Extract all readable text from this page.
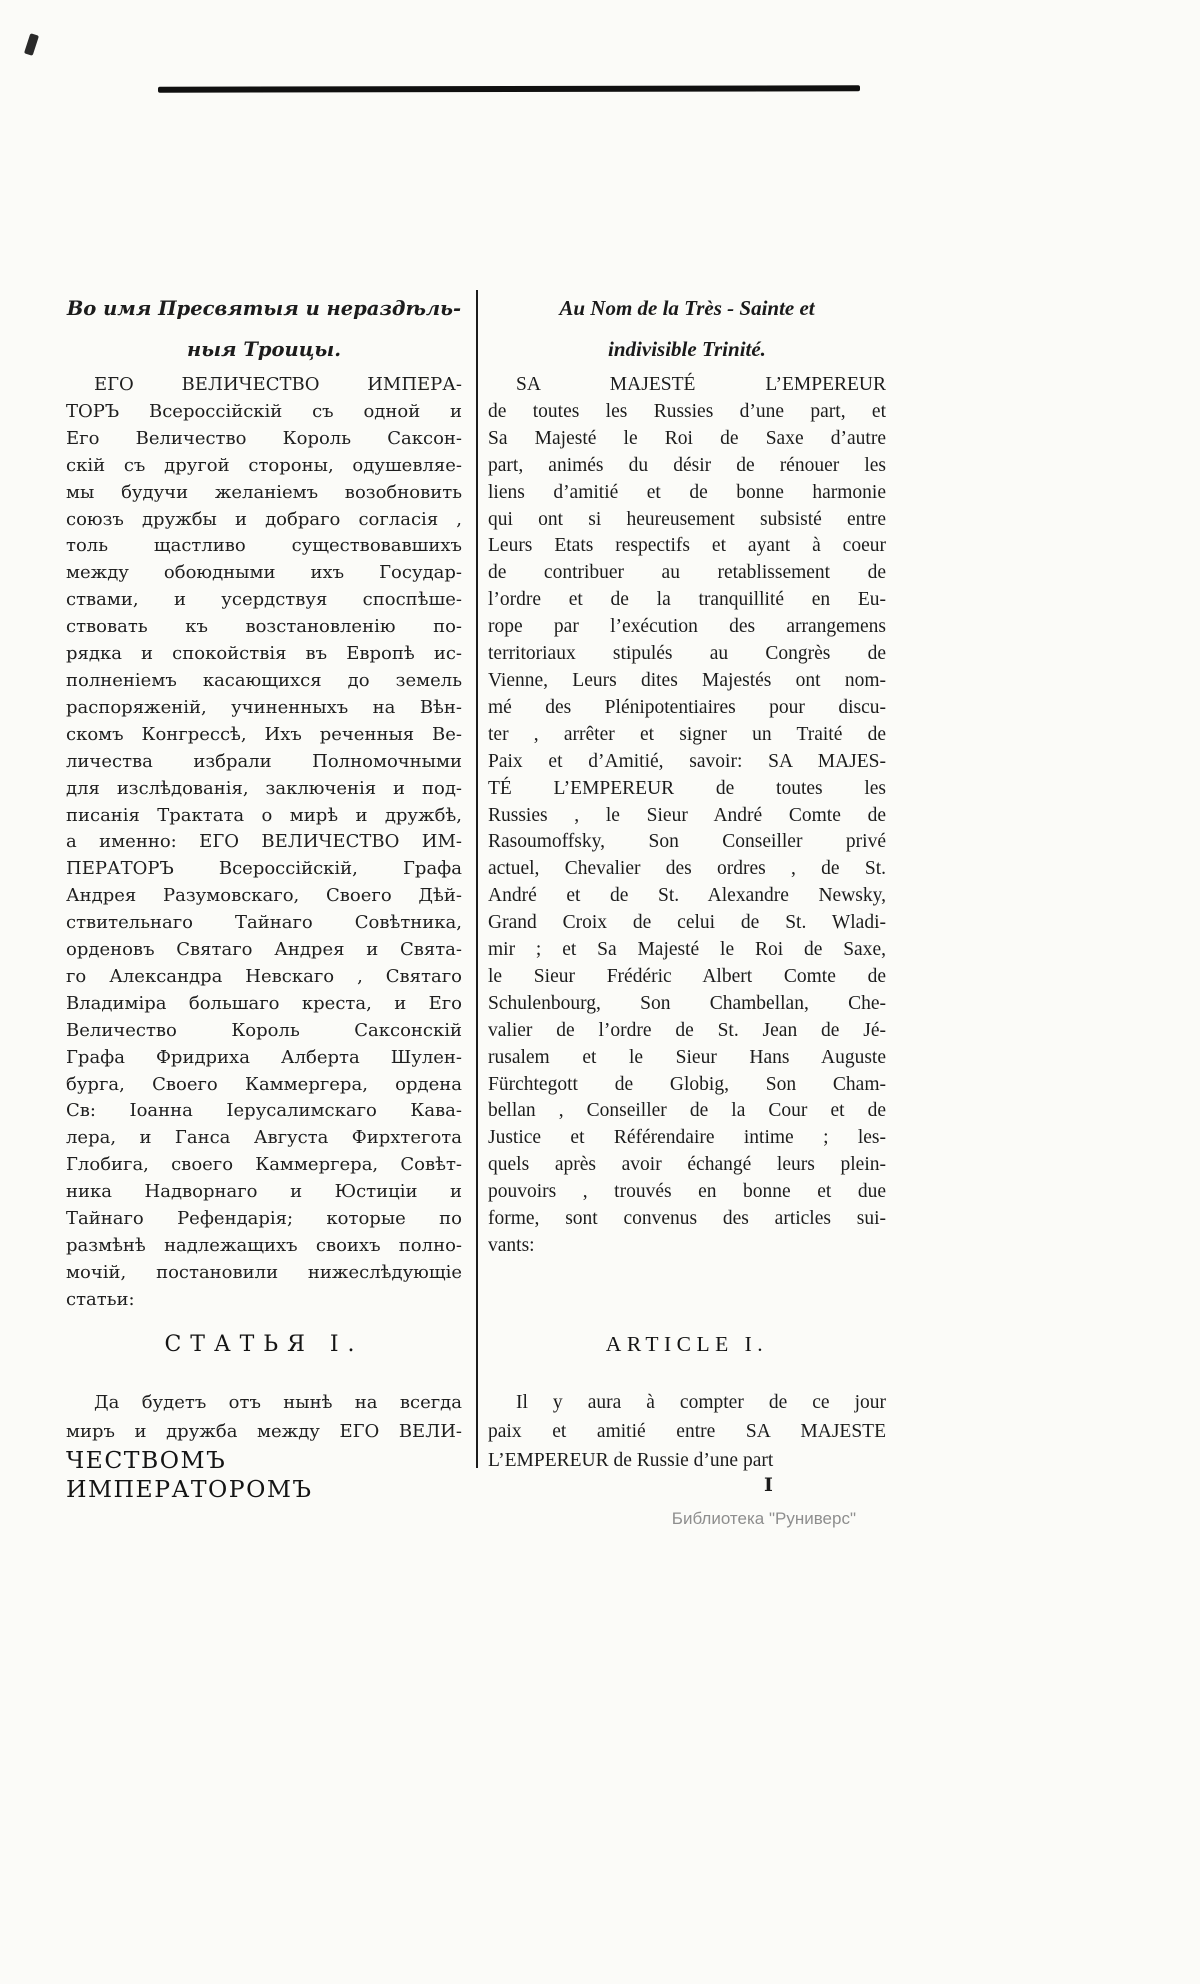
Во имя Пресвятыя и нераздѣль-
ныя Троицы.
Au Nom de la Très - Sainte et
indivisible Trinité.
ЕГО ВЕЛИЧЕСТВО ИМПЕРА-
ТОРЪ Всероссійскій съ одной и
Его Величество Король Саксон-
скій съ другой стороны, одушевляе-
мы будучи желаніемъ возобновить
союзъ дружбы и добраго согласія ,
толь щастливо существовавшихъ
между обоюдными ихъ Государ-
ствами, и усердствуя споспѣше-
ствовать къ возстановленію по-
рядка и спокойствія въ Европѣ ис-
полненіемъ касающихся до земель
распоряженій, учиненныхъ на Вѣн-
скомъ Конгрессѣ, Ихъ реченныя Ве-
личества избрали Полномочными
для изслѣдованія, заключенія и под-
писанія Трактата о мирѣ и дружбѣ,
а именно: ЕГО ВЕЛИЧЕСТВО ИМ-
ПЕРАТОРЪ Всероссійскій, Графа
Андрея Разумовскаго, Своего Дѣй-
ствительнаго Тайнаго Совѣтника,
орденовъ Святаго Андрея и Свята-
го Александра Невскаго , Святаго
Владиміра большаго креста, и Его
Величество Король Саксонскій
Графа Фридриха Алберта Шулен-
бурга, Своего Каммергера, ордена
Св: Іоанна Іерусалимскаго Кава-
лера, и Ганса Августа Фирхтегота
Глобига, своего Каммергера, Совѣт-
ника Надворнаго и Юстиціи и
Тайнаго Рефендарія; которые по
размѣнѣ надлежащихъ своихъ полно-
мочій, постановили нижеслѣдующіе
статьи:
SA MAJESTÉ L’EMPEREUR
de toutes les Russies d’une part, et
Sa Majesté le Roi de Saxe d’autre
part, animés du désir de rénouer les
liens d’amitié et de bonne harmonie
qui ont si heureusement subsisté entre
Leurs Etats respectifs et ayant à coeur
de contribuer au retablissement de
l’ordre et de la tranquillité en Eu-
rope par l’exécution des arrangemens
territoriaux stipulés au Congrès de
Vienne, Leurs dites Majestés ont nom-
mé des Plénipotentiaires pour discu-
ter , arrêter et signer un Traité de
Paix et d’Amitié, savoir: SA MAJES-
TÉ L’EMPEREUR de toutes les
Russies , le Sieur André Comte de
Rasoumoffsky, Son Conseiller privé
actuel, Chevalier des ordres , de St.
André et de St. Alexandre Newsky,
Grand Croix de celui de St. Wladi-
mir ; et Sa Majesté le Roi de Saxe,
le Sieur Frédéric Albert Comte de
Schulenbourg, Son Chambellan, Che-
valier de l’ordre de St. Jean de Jé-
rusalem et le Sieur Hans Auguste
Fürchtegott de Globig, Son Cham-
bellan , Conseiller de la Cour et de
Justice et Référendaire intime ; les-
quels après avoir échangé leurs plein-
pouvoirs , trouvés en bonne et due
forme, sont convenus des articles sui-
vants:
СТАТЬЯ I.	ARTICLE I.
Да будетъ отъ нынѣ на всегда
миръ и дружба между ЕГО ВЕЛИ-
ЧЕСТВОМЪ ИМПЕРАТОРОМЪ
Il y aura à compter de ce jour
paix et amitié entre SA MAJESTE
L’EMPEREUR de Russie d’une part
I
Библиотека "Руниверс"
